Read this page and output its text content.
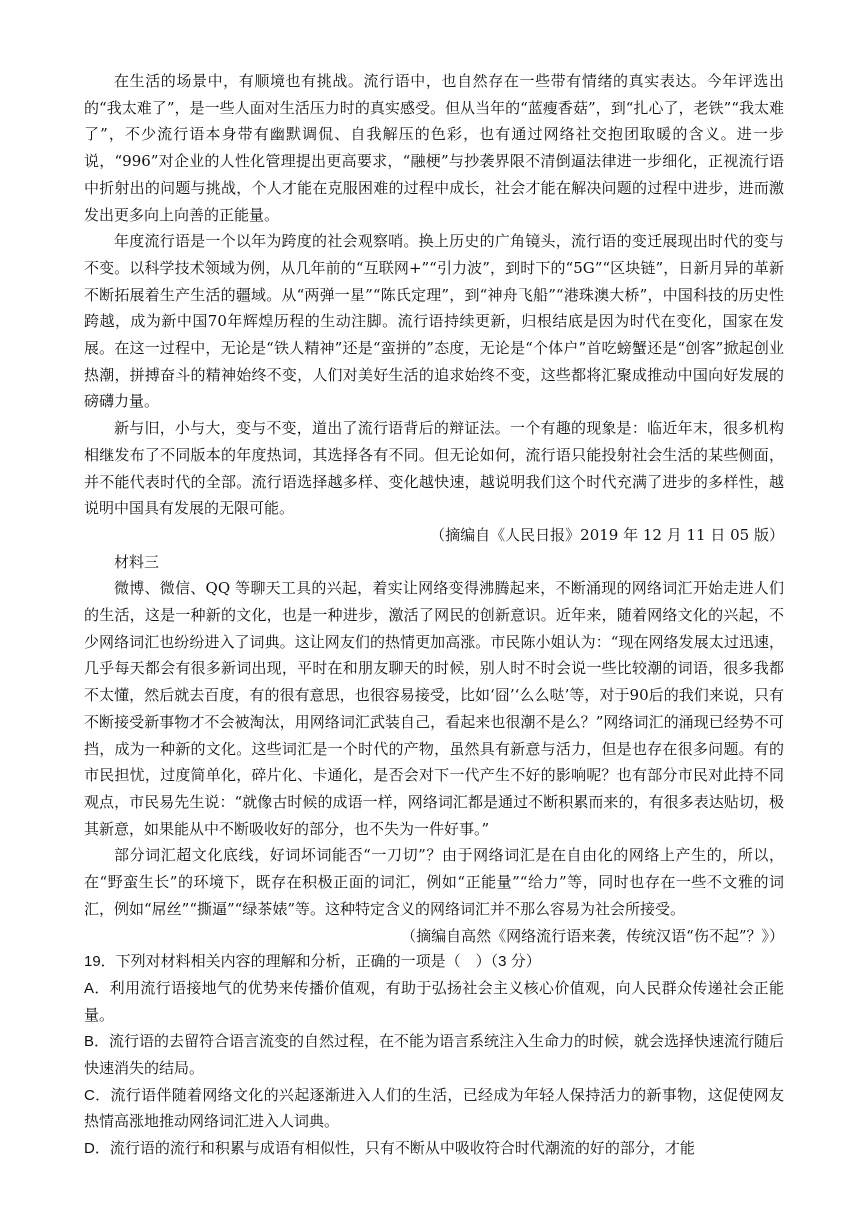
在生活的场景中，有顺境也有挑战。流行语中，也自然存在一些带有情绪的真实表达。今年评选出的“我太难了”，是一些人面对生活压力时的真实感受。但从当年的“蓝瘦香菇”，到“扎心了，老铁”“我太难了”，不少流行语本身带有幽默调侃、自我解压的色彩，也有通过网络社交抱团取暖的含义。进一步说，“996”对企业的人性化管理提出更高要求，“融梗”与抄袭界限不清倒逼法律进一步细化，正视流行语中折射出的问题与挑战，个人才能在克服困难的过程中成长，社会才能在解决问题的过程中进步，进而激发出更多向上向善的正能量。

年度流行语是一个以年为跨度的社会观察哨。换上历史的广角镜头，流行语的变迁展现出时代的变与不变。以科学技术领域为例，从几年前的“互联网+”“引力波”，到时下的“5G”“区块链”，日新月异的革新不断拓展着生产生活的疆域。从“两弹一星”“陈氏定理”，到“神舟飞船”“港珠澳大桥”，中国科技的历史性跨越，成为新中国70年辉煌历程的生动注脚。流行语持续更新，归根结底是因为时代在变化，国家在发展。在这一过程中，无论是“铁人精神”还是“蛮拼的”态度，无论是“个体户”首吃螃蟹还是“创客”掀起创业热潮，拼搏奋斗的精神始终不变，人们对美好生活的追求始终不变，这些都将汇聚成推动中国向好发展的磅礴力量。

新与旧，小与大，变与不变，道出了流行语背后的辩证法。一个有趣的现象是：临近年末，很多机构相继发布了不同版本的年度热词，其选择各有不同。但无论如何，流行语只能投射社会生活的某些侧面，并不能代表时代的全部。流行语选择越多样、变化越快速，越说明我们这个时代充满了进步的多样性，越说明中国具有发展的无限可能。

（摘编自《人民日报》2019 年 12 月 11 日 05 版）

材料三

微博、微信、QQ 等聊天工具的兴起，着实让网络变得沸腾起来，不断涌现的网络词汇开始走进人们的生活，这是一种新的文化，也是一种进步，激活了网民的创新意识。近年来，随着网络文化的兴起，不少网络词汇也纷纷进入了词典。这让网友们的热情更加高涨。市民陈小姐认为：“现在网络发展太过迅速，几乎每天都会有很多新词出现，平时在和朋友聊天的时候，别人时不时会说一些比较潮的词语，很多我都不太懂，然后就去百度，有的很有意思，也很容易接受，比如‘囧’‘么么哒’等，对于90后的我们来说，只有不断接受新事物才不会被淘汰，用网络词汇武装自己，看起来也很潮不是么？”网络词汇的涌现已经势不可挡，成为一种新的文化。这些词汇是一个时代的产物，虽然具有新意与活力，但是也存在很多问题。有的市民担忧，过度简单化，碎片化、卡通化，是否会对下一代产生不好的影响呢？也有部分市民对此持不同观点，市民易先生说：“就像古时候的成语一样，网络词汇都是通过不断积累而来的，有很多表达贴切，极其新意，如果能从中不断吸收好的部分，也不失为一件好事。”

部分词汇超文化底线，好词坏词能否“一刀切”？由于网络词汇是在自由化的网络上产生的，所以，在“野蛮生长”的环境下，既存在积极正面的词汇，例如“正能量”“给力”等，同时也存在一些不文雅的词汇，例如“屌丝”“撕逼”“绿茶婊”等。这种特定含义的网络词汇并不那么容易为社会所接受。

（摘编自高然《网络流行语来袭，传统汉语“伤不起”？》）

19．下列对材料相关内容的理解和分析，正确的一项是（　）（3 分）

A．利用流行语接地气的优势来传播价值观，有助于弘扬社会主义核心价值观，向人民群众传递社会正能量。

B．流行语的去留符合语言流变的自然过程，在不能为语言系统注入生命力的时候，就会选择快速流行随后快速消失的结局。

C．流行语伴随着网络文化的兴起逐渐进入人们的生活，已经成为年轻人保持活力的新事物，这促使网友热情高涨地推动网络词汇进入人词典。

D．流行语的流行和积累与成语有相似性，只有不断从中吸收符合时代潮流的好的部分，才能
